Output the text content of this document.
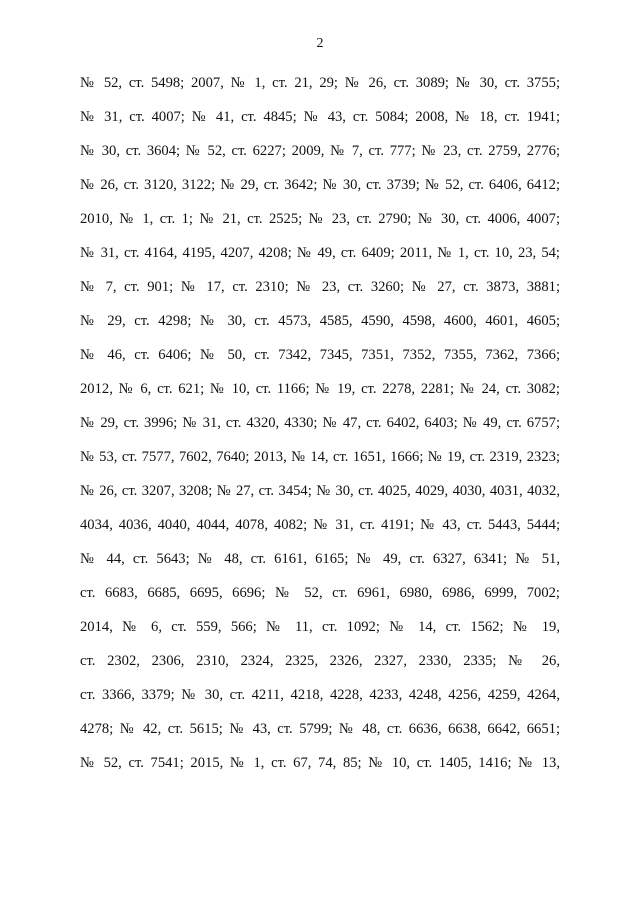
2
№ 52, ст. 5498; 2007, № 1, ст. 21, 29; № 26, ст. 3089; № 30, ст. 3755;
№ 31, ст. 4007; № 41, ст. 4845; № 43, ст. 5084; 2008, № 18, ст. 1941;
№ 30, ст. 3604; № 52, ст. 6227; 2009, № 7, ст. 777; № 23, ст. 2759, 2776;
№ 26, ст. 3120, 3122; № 29, ст. 3642; № 30, ст. 3739; № 52, ст. 6406, 6412;
2010, № 1, ст. 1; № 21, ст. 2525; № 23, ст. 2790; № 30, ст. 4006, 4007;
№ 31, ст. 4164, 4195, 4207, 4208; № 49, ст. 6409; 2011, № 1, ст. 10, 23, 54;
№ 7, ст. 901; № 17, ст. 2310; № 23, ст. 3260; № 27, ст. 3873, 3881;
№ 29, ст. 4298; № 30, ст. 4573, 4585, 4590, 4598, 4600, 4601, 4605;
№ 46, ст. 6406; № 50, ст. 7342, 7345, 7351, 7352, 7355, 7362, 7366;
2012, № 6, ст. 621; № 10, ст. 1166; № 19, ст. 2278, 2281; № 24, ст. 3082;
№ 29, ст. 3996; № 31, ст. 4320, 4330; № 47, ст. 6402, 6403; № 49, ст. 6757;
№ 53, ст. 7577, 7602, 7640; 2013, № 14, ст. 1651, 1666; № 19, ст. 2319, 2323;
№ 26, ст. 3207, 3208; № 27, ст. 3454; № 30, ст. 4025, 4029, 4030, 4031, 4032,
4034, 4036, 4040, 4044, 4078, 4082; № 31, ст. 4191; № 43, ст. 5443, 5444;
№ 44, ст. 5643; № 48, ст. 6161, 6165; № 49, ст. 6327, 6341; № 51,
ст. 6683, 6685, 6695, 6696; № 52, ст. 6961, 6980, 6986, 6999, 7002;
2014, № 6, ст. 559, 566; № 11, ст. 1092; № 14, ст. 1562; № 19,
ст. 2302, 2306, 2310, 2324, 2325, 2326, 2327, 2330, 2335; № 26,
ст. 3366, 3379; № 30, ст. 4211, 4218, 4228, 4233, 4248, 4256, 4259, 4264,
4278; № 42, ст. 5615; № 43, ст. 5799; № 48, ст. 6636, 6638, 6642, 6651;
№ 52, ст. 7541; 2015, № 1, ст. 67, 74, 85; № 10, ст. 1405, 1416; № 13,
